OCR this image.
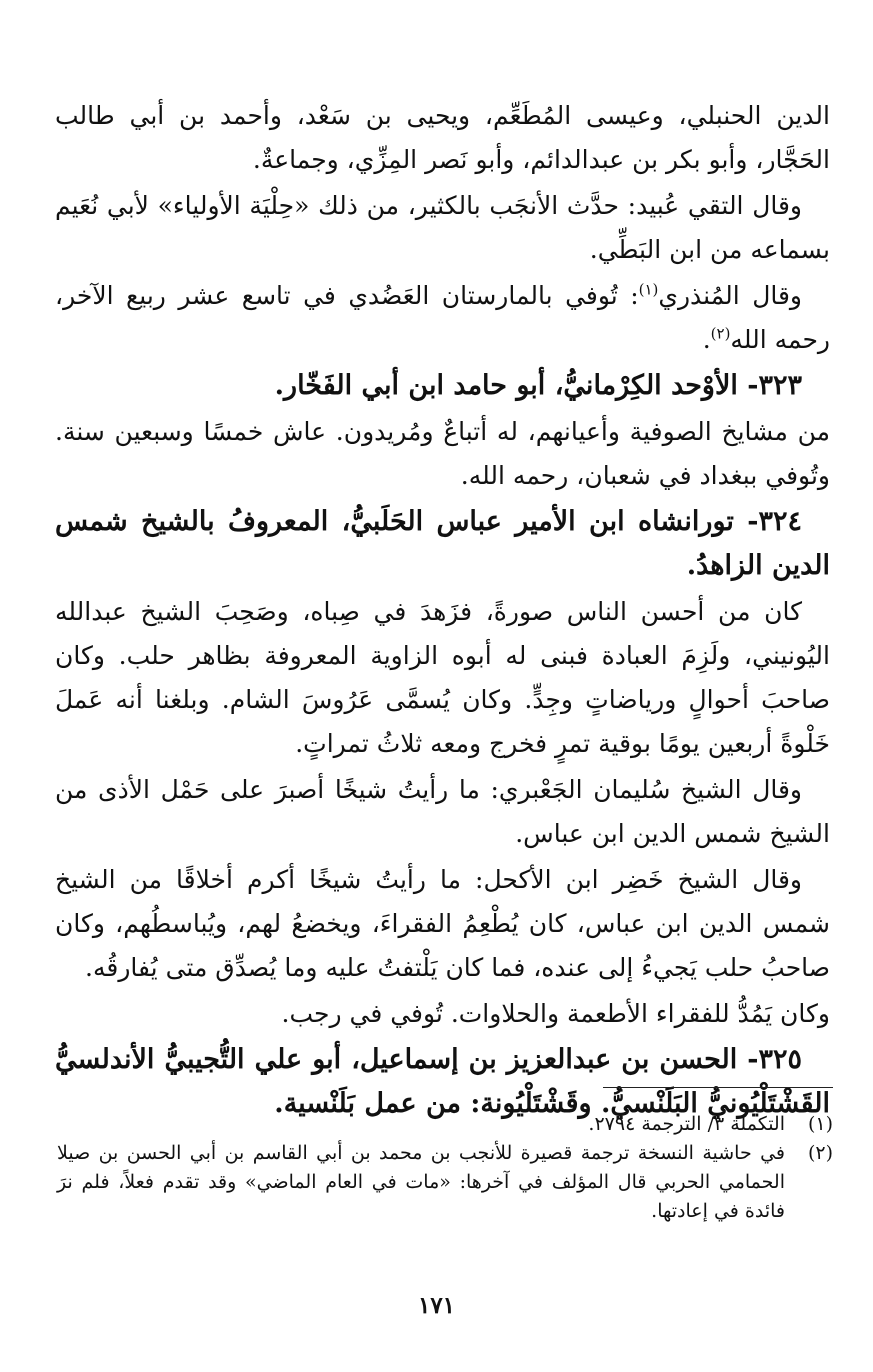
الدين الحنبلي، وعيسى المُطَعِّم، ويحيى بن سَعْد، وأحمد بن أبي طالب الحَجَّار، وأبو بكر بن عبدالدائم، وأبو نَصر المِزِّي، وجماعةٌ.

وقال التقي عُبيد: حدَّث الأنجَب بالكثير، من ذلك «حِلْيَة الأولياء» لأبي نُعَيم بسماعه من ابن البَطِّي.

وقال المُنذري$^{(١)}$: تُوفي بالمارستان العَضُدي في تاسع عشر ربيع الآخر، رحمه الله$^{(٢)}$.

٣٢٣- الأوْحد الكِرْمانيُّ، أبو حامد ابن أبي الفَخّار.

من مشايخ الصوفية وأعيانهم، له أتباعٌ ومُريدون. عاش خمسًا وسبعين سنة. وتُوفي ببغداد في شعبان، رحمه الله.

٣٢٤- تورانشاه ابن الأمير عباس الحَلَبيُّ، المعروفُ بالشيخ شمس الدين الزاهدُ.

كان من أحسن الناس صورةً، فزَهدَ في صِباه، وصَحِبَ الشيخ عبدالله اليُونيني، ولَزِمَ العبادة فبنى له أبوه الزاوية المعروفة بظاهر حلب. وكان صاحبَ أحوالٍ ورياضاتٍ وجِدٍّ. وكان يُسمَّى عَرُوسَ الشام. وبلغنا أنه عَملَ خَلْوةً أربعين يومًا بوقية تمرٍ فخرج ومعه ثلاثُ تمراتٍ.

وقال الشيخ سُليمان الجَعْبري: ما رأيتُ شيخًا أصبرَ على حَمْل الأذى من الشيخ شمس الدين ابن عباس.

وقال الشيخ خَضِر ابن الأكحل: ما رأيتُ شيخًا أكرم أخلاقًا من الشيخ شمس الدين ابن عباس، كان يُطْعِمُ الفقراءَ، ويخضعُ لهم، ويُباسطُهم، وكان صاحبُ حلب يَجيءُ إلى عنده، فما كان يَلْتفتُ عليه وما يُصدِّق متى يُفارقُه.

وكان يَمُدُّ للفقراء الأطعمة والحلاوات. تُوفي في رجب.

٣٢٥- الحسن بن عبدالعزيز بن إسماعيل، أبو علي التُّجيبيُّ الأندلسيُّ القَشْتَلْيُونيُّ البَلَنْسيُّ. وقَشْتَلْيُونة: من عمل بَلَنْسية.

(١)
التكملة ٣/ الترجمة ٢٧٩٤.
(٢)
في حاشية النسخة ترجمة قصيرة للأنجب بن محمد بن أبي القاسم بن أبي الحسن بن صيلا الحمامي الحربي قال المؤلف في آخرها: «مات في العام الماضي» وقد تقدم فعلاً، فلم نرَ فائدة في إعادتها.
١٧١
